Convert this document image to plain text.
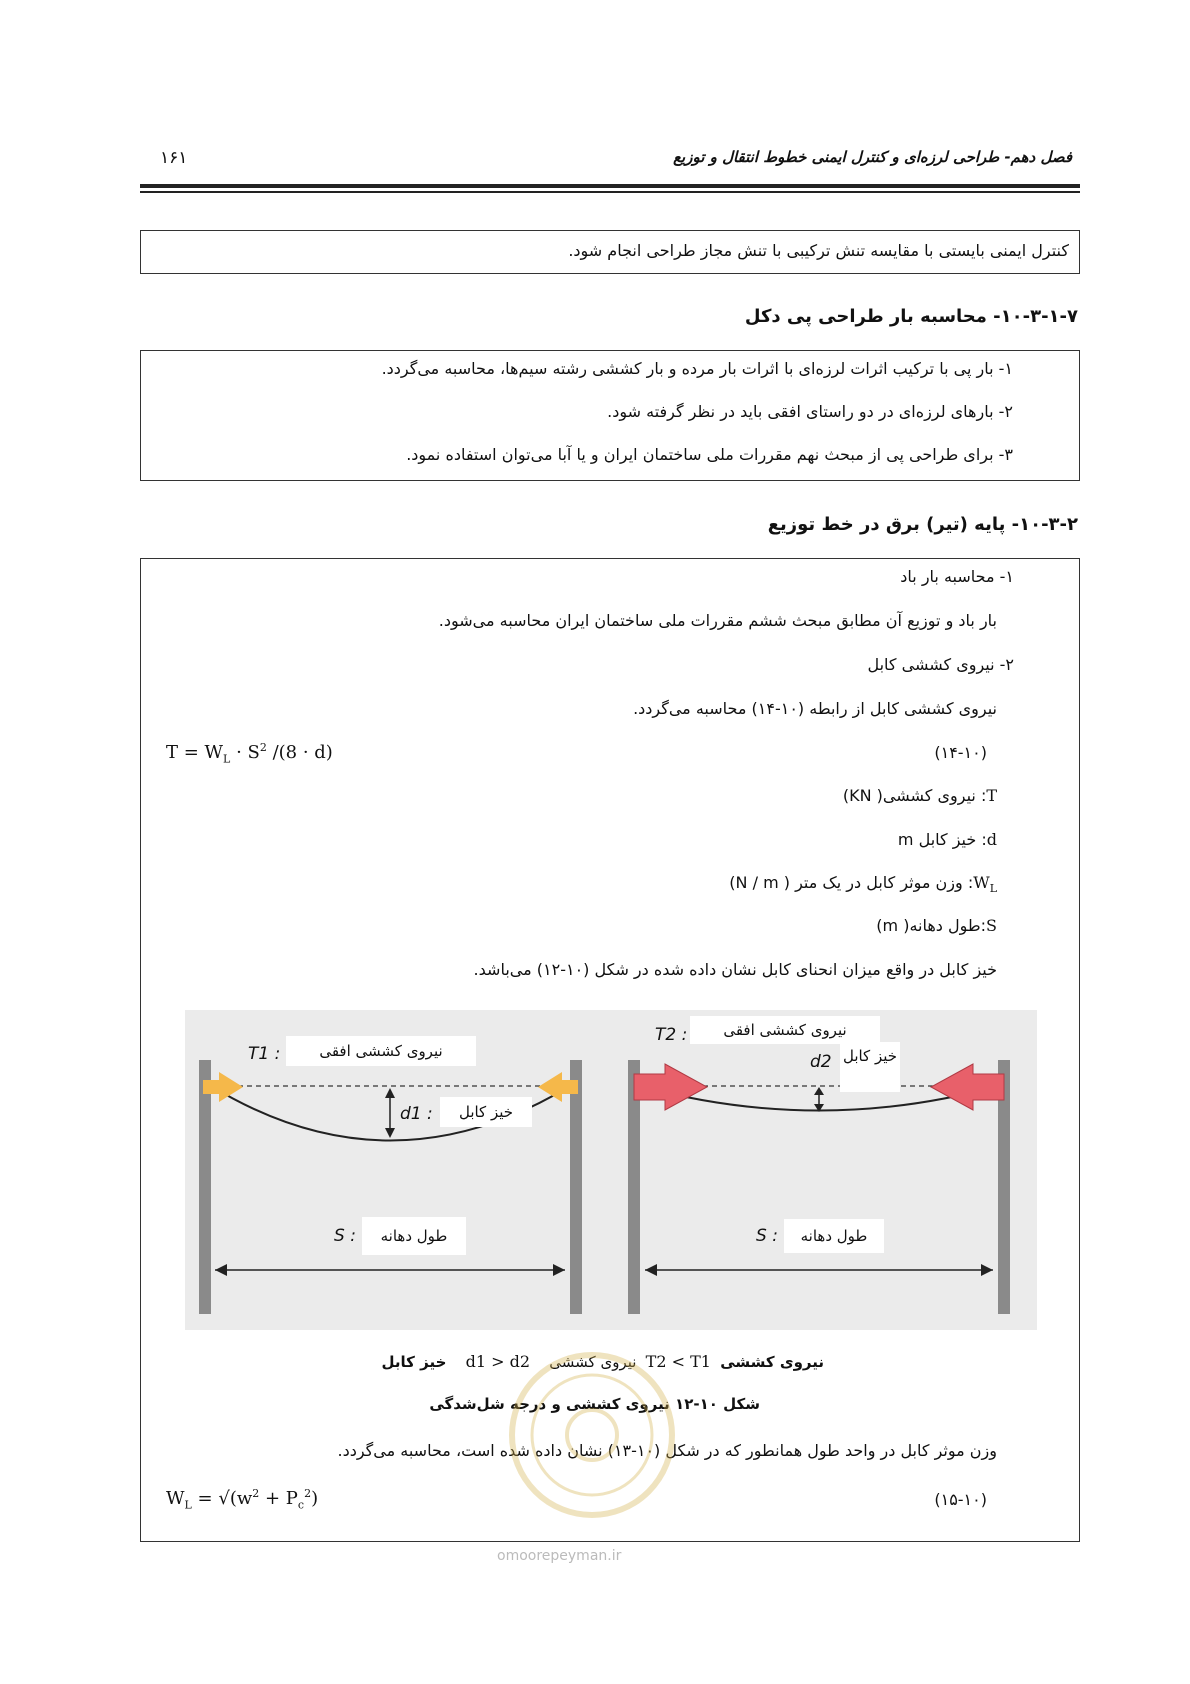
فصل دهم- طراحی لرزه‌ای و کنترل ایمنی خطوط انتقال و توزیع
۱۶۱
کنترل ایمنی بایستی با مقایسه تنش ترکیبی با تنش مجاز طراحی انجام شود.
۱۰-۳-۱-۷- محاسبه بار طراحی پی دکل
۱- بار پی با ترکیب اثرات لرزه‌ای با اثرات بار مرده و بار کششی رشته سیم‌ها، محاسبه می‌گردد.
۲- بارهای لرزه‌ای در دو راستای افقی باید در نظر گرفته شود.
۳- برای طراحی پی از مبحث نهم مقررات ملی ساختمان ایران و یا آبا می‌توان استفاده نمود.
۱۰-۳-۲- پایه (تیر) برق در خط توزیع
۱- محاسبه بار باد
بار باد و توزیع آن مطابق مبحث ششم مقررات ملی ساختمان ایران محاسبه می‌شود.
۲- نیروی کششی کابل
نیروی کششی کابل از رابطه (۱۰-۱۴) محاسبه می‌گردد.
$T = W_L \cdot S^2$ /(8 · d)	(۱۴-۱۰)
T: نیروی کششی( KN)
d: خیز کابل m
$W_L$: وزن موثر کابل در یک متر ( N / m)
S:طول دهانه( m)
خیز کابل در واقع میزان انحنای کابل نشان داده شده در شکل (۱۰-۱۲) می‌باشد.
T1 :	نیروی کششی افقی
d1 :	خیز کابل
S :	طول دهانه
T2 :	نیروی کششی افقی
d2 خیز کابل
S :	طول دهانه
نیروی کششی T2 < T1 نیروی کششی d1 > d2 خیز کابل
شکل ۱۰-۱۲ نیروی کششی و درجه شل‌شدگی
وزن موثر کابل در واحد طول همانطور که در شکل (۱۰-۱۳) نشان داده شده است، محاسبه می‌گردد.
$W_L = √(w^2 + P_c^2)$	(۱۵-۱۰)
omoorepeyman.ir
